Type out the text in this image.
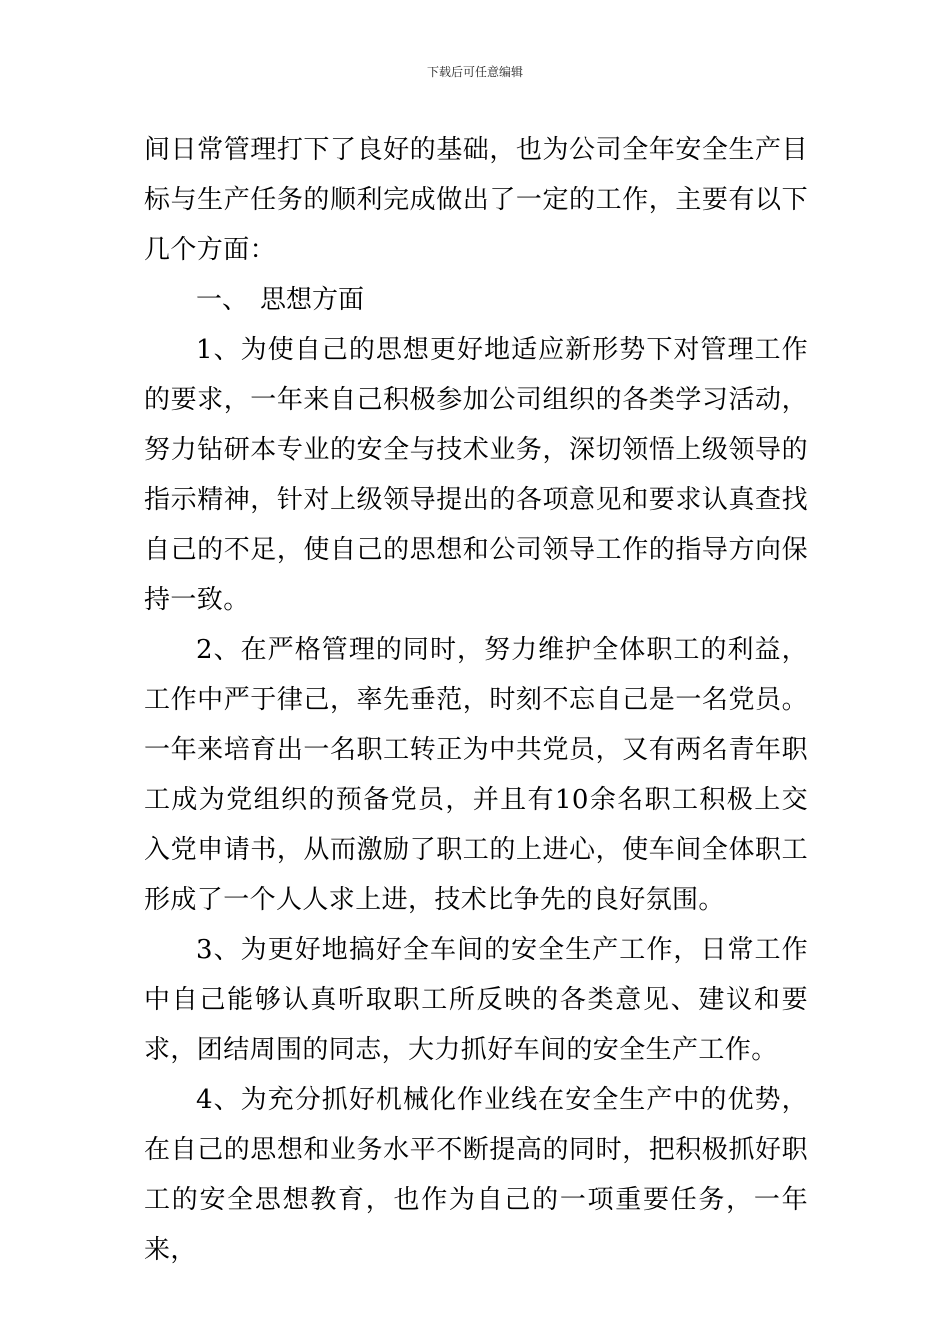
下载后可任意编辑

间日常管理打下了良好的基础，也为公司全年安全生产目标与生产任务的顺利完成做出了一定的工作，主要有以下几个方面：

一、 思想方面

1、为使自己的思想更好地适应新形势下对管理工作的要求，一年来自己积极参加公司组织的各类学习活动，努力钻研本专业的安全与技术业务，深切领悟上级领导的指示精神，针对上级领导提出的各项意见和要求认真查找自己的不足，使自己的思想和公司领导工作的指导方向保持一致。

2、在严格管理的同时，努力维护全体职工的利益，工作中严于律己，率先垂范，时刻不忘自己是一名党员。一年来培育出一名职工转正为中共党员，又有两名青年职工成为党组织的预备党员，并且有10余名职工积极上交入党申请书，从而激励了职工的上进心，使车间全体职工形成了一个人人求上进，技术比争先的良好氛围。

3、为更好地搞好全车间的安全生产工作，日常工作中自己能够认真听取职工所反映的各类意见、建议和要求，团结周围的同志，大力抓好车间的安全生产工作。

4、为充分抓好机械化作业线在安全生产中的优势，在自己的思想和业务水平不断提高的同时，把积极抓好职工的安全思想教育，也作为自己的一项重要任务，一年来，
